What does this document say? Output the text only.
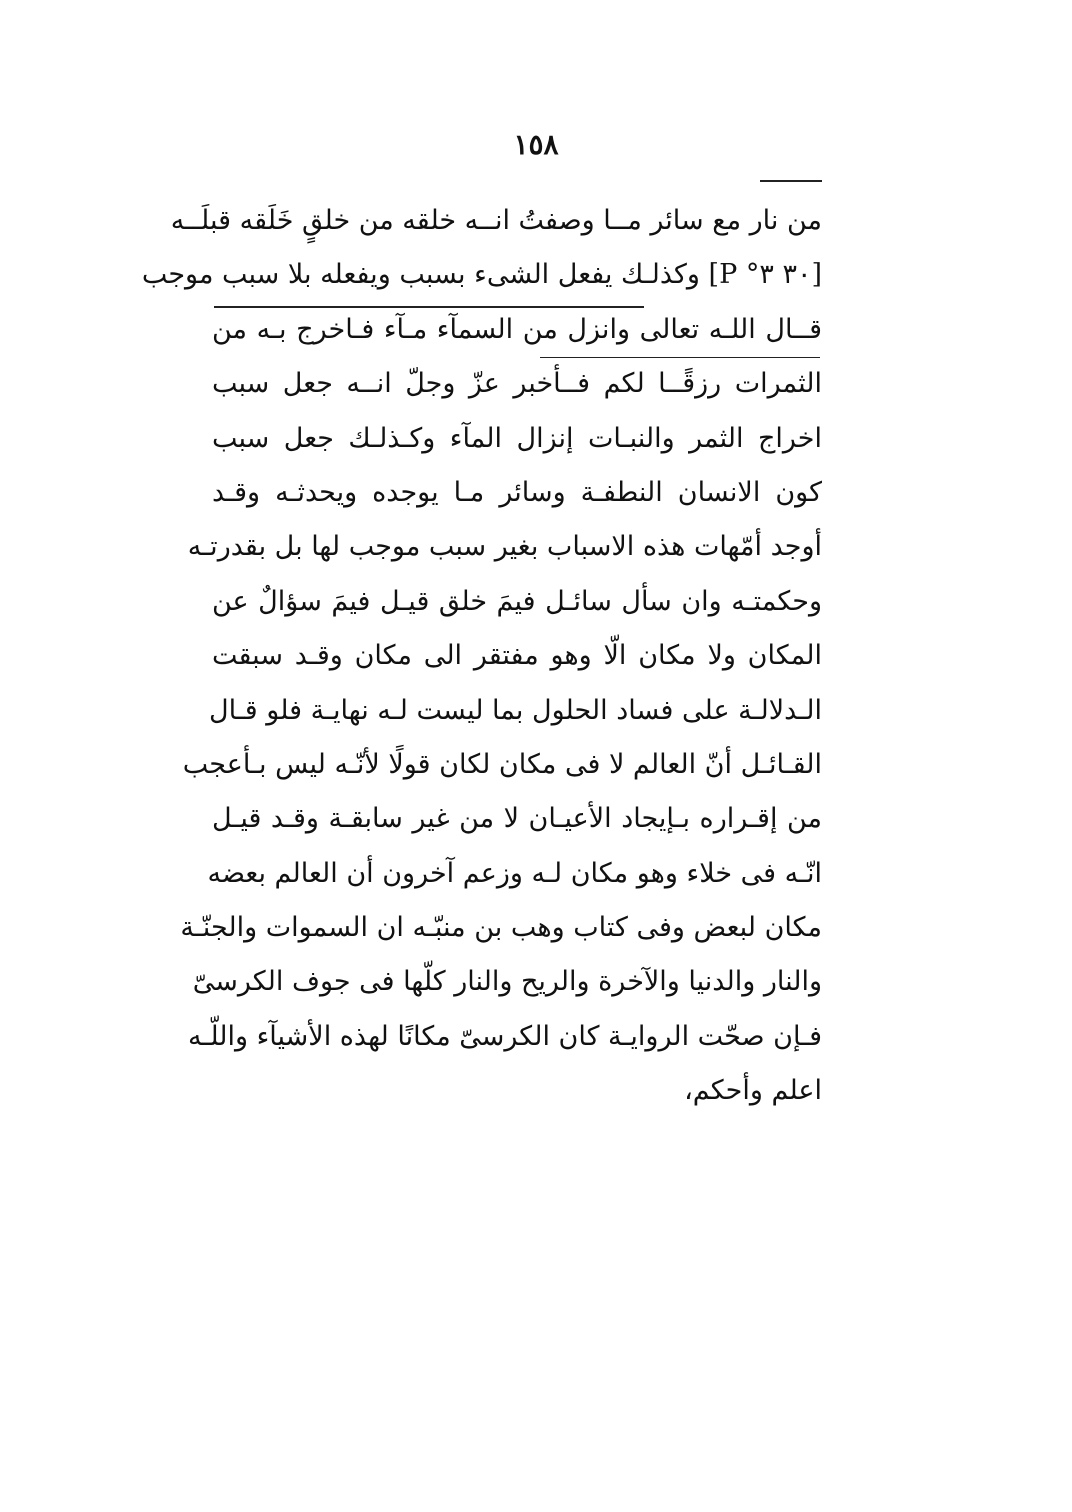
١٥٨
من نار مع سائر مــا وصفتُ انــه خلقه من خلقٍ خَلَقه قبلَــه
[٣٠ ٣° P] وكذلـك يفعل الشىء بسبب ويفعله بلا سبب موجب
قــال اللـه تعالى وانزل من السمآء مـآء فـاخرج بـه من
الثمرات رزقًــا لكم فــأخبر عزّ وجلّ انــه جعل سبب
اخراج الثمر والنبـات إنزال المآء وكـذلـك جعل سبب
كون الانسان النطفـة وسائر مـا يوجده ويحدثـه وقـد
أوجد أمّهات هذه الاسباب بغير سبب موجب لها بل بقدرتـه
وحكمتـه وان سأل سائـل فيمَ خلق قيـل فيمَ سؤالٌ عن
المكان ولا مكان الّا وهو مفتقر الى مكان وقـد سبقت
الـدلالـة على فساد الحلول بما ليست لـه نهايـة فلو قـال
القـائـل أنّ العالم لا فى مكان لكان قولًا لأنّـه ليس بـأعجب
من إقـراره بـإيجاد الأعيـان لا من غير سابقـة وقـد قيـل
انّـه فى خلاء وهو مكان لـه وزعم آخرون أن العالم بعضه
مكان لبعض وفى كتاب وهب بن منبّـه ان السموات والجنّـة
والنار والدنيا والآخرة والريح والنار كلّها فى جوف الكرسىّ
فـإن صحّت الروايـة كان الكرسىّ مكانًا لهذه الأشيآء واللّـه
اعلم وأحكم،
